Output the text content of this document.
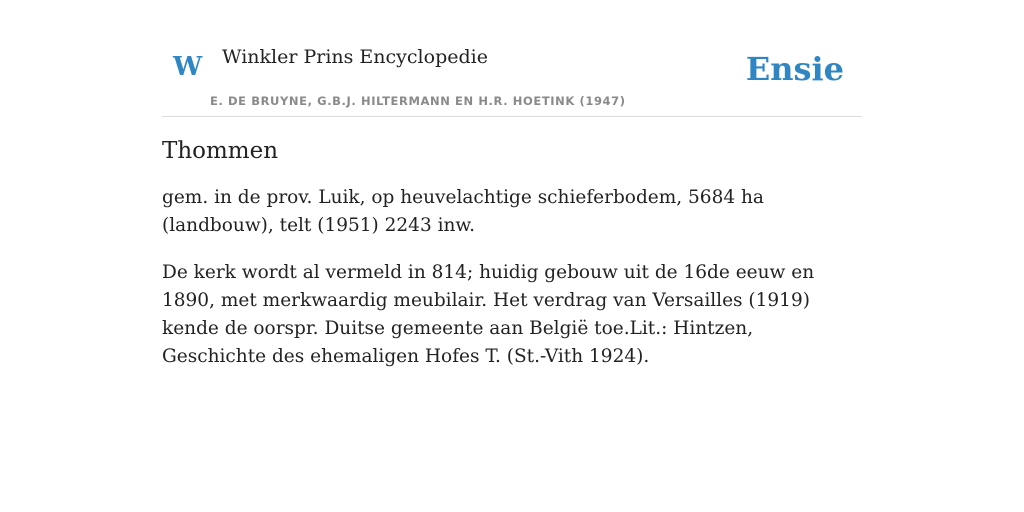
W Winkler Prins Encyclopedie
E. DE BRUYNE, G.B.J. HILTERMANN EN H.R. HOETINK (1947)
Ensie
Thommen

gem. in de prov. Luik, op heuvelachtige schieferbodem, 5684 ha (landbouw), telt (1951) 2243 inw.

De kerk wordt al vermeld in 814; huidig gebouw uit de 16de eeuw en 1890, met merkwaardig meubilair. Het verdrag van Versailles (1919) kende de oorspr. Duitse gemeente aan België toe.Lit.: Hintzen, Geschichte des ehemaligen Hofes T. (St.-Vith 1924).
